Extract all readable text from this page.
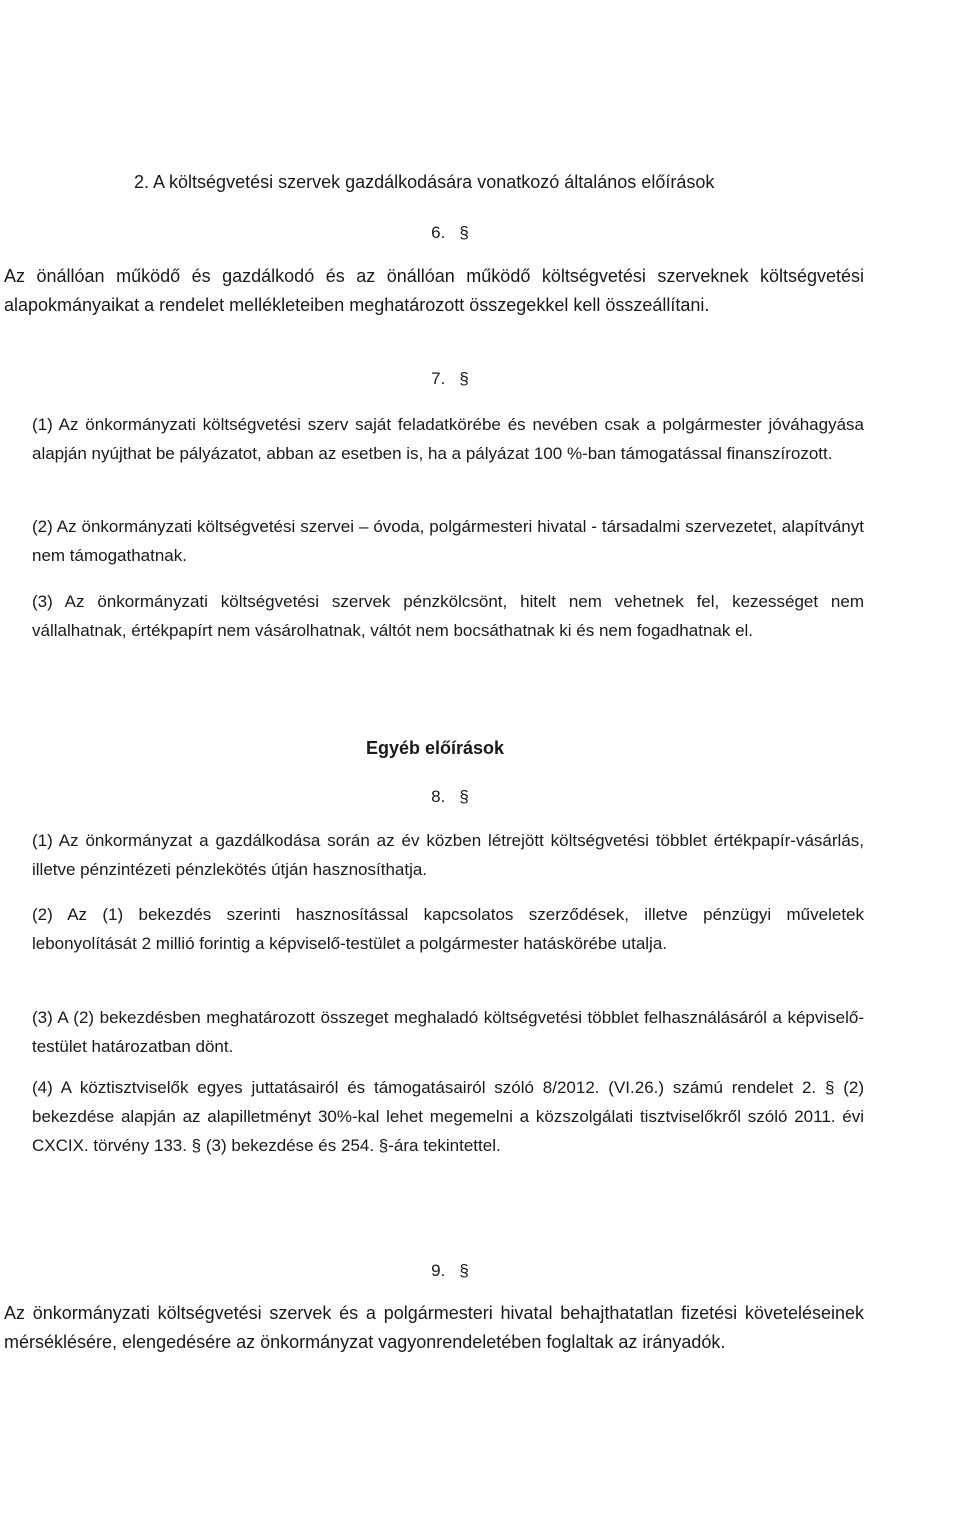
2. A költségvetési szervek gazdálkodására vonatkozó általános előírások
6. §
Az önállóan működő és gazdálkodó és az önállóan működő költségvetési szerveknek költségvetési alapokmányaikat a rendelet mellékleteiben meghatározott összegekkel kell összeállítani.
7. §
(1) Az önkormányzati költségvetési szerv saját feladatkörébe és nevében csak a polgármester jóváhagyása alapján nyújthat be pályázatot, abban az esetben is, ha a pályázat 100 %-ban támogatással finanszírozott.
(2) Az önkormányzati költségvetési szervei – óvoda, polgármesteri hivatal - társadalmi szervezetet, alapítványt nem támogathatnak.
(3) Az önkormányzati költségvetési szervek pénzkölcsönt, hitelt nem vehetnek fel, kezességet nem vállalhatnak, értékpapírt nem vásárolhatnak, váltót nem bocsáthatnak ki és nem fogadhatnak el.
Egyéb előírások
8. §
(1) Az önkormányzat a gazdálkodása során az év közben létrejött költségvetési többlet értékpapír-vásárlás, illetve pénzintézeti pénzlekötés útján hasznosíthatja.
(2) Az (1) bekezdés szerinti hasznosítással kapcsolatos szerződések, illetve pénzügyi műveletek lebonyolítását 2 millió forintig a képviselő-testület a polgármester hatáskörébe utalja.
(3) A (2) bekezdésben meghatározott összeget meghaladó költségvetési többlet felhasználásáról a képviselő-testület határozatban dönt.
(4) A köztisztviselők egyes juttatásairól és támogatásairól szóló 8/2012. (VI.26.) számú rendelet 2. § (2) bekezdése alapján az alapilletményt 30%-kal lehet megemelni a közszolgálati tisztviselőkről szóló 2011. évi CXCIX. törvény 133. § (3) bekezdése és 254. §-ára tekintettel.
9. §
Az önkormányzati költségvetési szervek és a polgármesteri hivatal behajthatatlan fizetési követeléseinek mérséklésére, elengedésére az önkormányzat vagyonrendeletében foglaltak az irányadók.
